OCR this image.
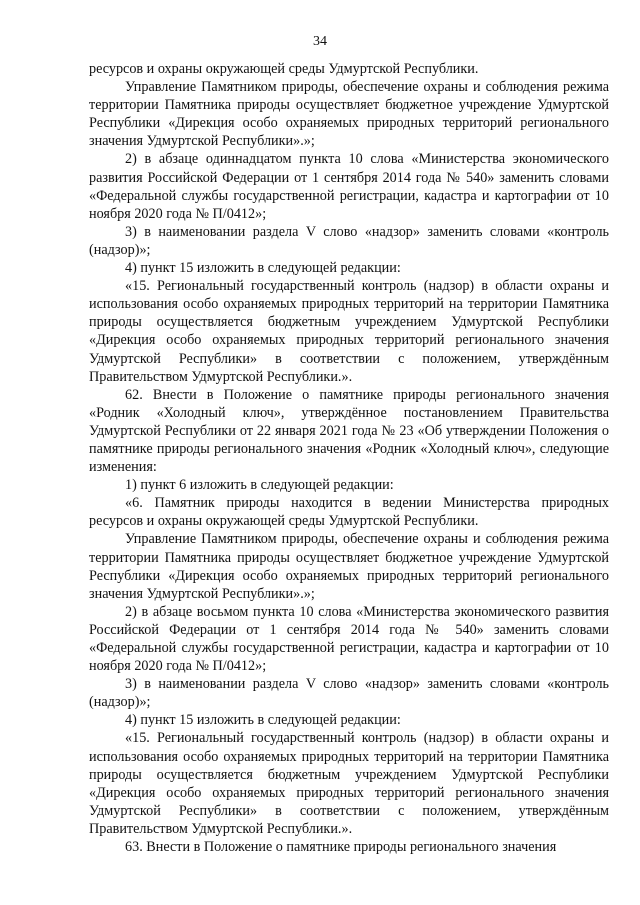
34

ресурсов и охраны окружающей среды Удмуртской Республики.

Управление Памятником природы, обеспечение охраны и соблюдения режима территории Памятника природы осуществляет бюджетное учреждение Удмуртской Республики «Дирекция особо охраняемых природных территорий регионального значения Удмуртской Республики».»;

2) в абзаце одиннадцатом пункта 10 слова «Министерства экономического развития Российской Федерации от 1 сентября 2014 года № 540» заменить словами «Федеральной службы государственной регистрации, кадастра и картографии от 10 ноября 2020 года № П/0412»;

3) в наименовании раздела V слово «надзор» заменить словами «контроль (надзор)»;

4) пункт 15 изложить в следующей редакции:

«15. Региональный государственный контроль (надзор) в области охраны и использования особо охраняемых природных территорий на территории Памятника природы осуществляется бюджетным учреждением Удмуртской Республики «Дирекция особо охраняемых природных территорий регионального значения Удмуртской Республики» в соответствии с положением, утверждённым Правительством Удмуртской Республики.».

62. Внести в Положение о памятнике природы регионального значения «Родник «Холодный ключ», утверждённое постановлением Правительства Удмуртской Республики от 22 января 2021 года № 23 «Об утверждении Положения о памятнике природы регионального значения «Родник «Холодный ключ», следующие изменения:

1) пункт 6 изложить в следующей редакции:

«6. Памятник природы находится в ведении Министерства природных ресурсов и охраны окружающей среды Удмуртской Республики.

Управление Памятником природы, обеспечение охраны и соблюдения режима территории Памятника природы осуществляет бюджетное учреждение Удмуртской Республики «Дирекция особо охраняемых природных территорий регионального значения Удмуртской Республики».»;

2) в абзаце восьмом пункта 10 слова «Министерства экономического развития Российской Федерации от 1 сентября 2014 года № 540» заменить словами «Федеральной службы государственной регистрации, кадастра и картографии от 10 ноября 2020 года № П/0412»;

3) в наименовании раздела V слово «надзор» заменить словами «контроль (надзор)»;

4) пункт 15 изложить в следующей редакции:

«15. Региональный государственный контроль (надзор) в области охраны и использования особо охраняемых природных территорий на территории Памятника природы осуществляется бюджетным учреждением Удмуртской Республики «Дирекция особо охраняемых природных территорий регионального значения Удмуртской Республики» в соответствии с положением, утверждённым Правительством Удмуртской Республики.».

63. Внести в Положение о памятнике природы регионального значения
